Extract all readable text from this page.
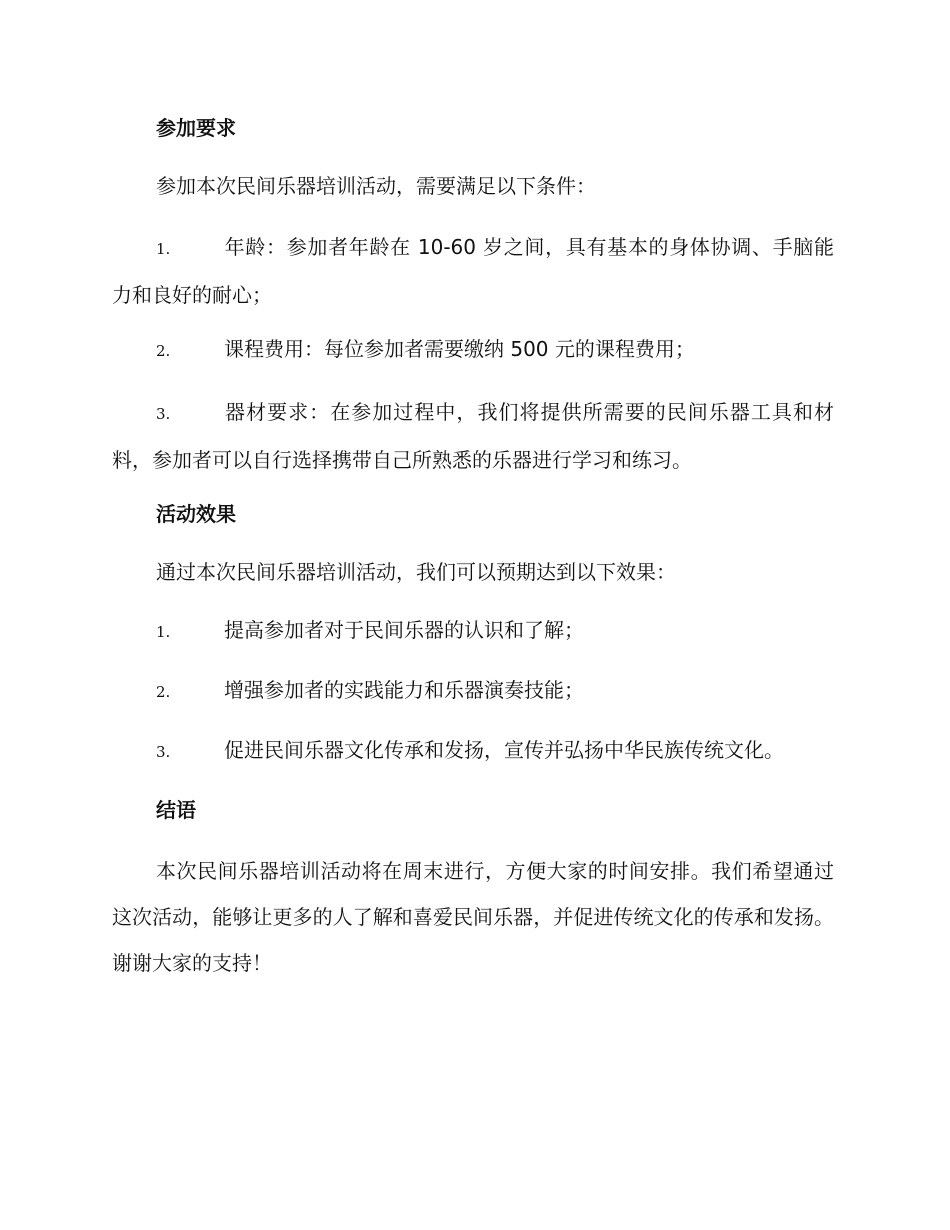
参加要求
参加本次民间乐器培训活动，需要满足以下条件：
1.	年龄：参加者年龄在 10-60 岁之间，具有基本的身体协调、手脑能力和良好的耐心；
2.	课程费用：每位参加者需要缴纳 500 元的课程费用；
3.	器材要求：在参加过程中，我们将提供所需要的民间乐器工具和材料，参加者可以自行选择携带自己所熟悉的乐器进行学习和练习。
活动效果
通过本次民间乐器培训活动，我们可以预期达到以下效果：
1.	提高参加者对于民间乐器的认识和了解；
2.	增强参加者的实践能力和乐器演奏技能；
3.	促进民间乐器文化传承和发扬，宣传并弘扬中华民族传统文化。
结语
本次民间乐器培训活动将在周末进行，方便大家的时间安排。我们希望通过这次活动，能够让更多的人了解和喜爱民间乐器，并促进传统文化的传承和发扬。谢谢大家的支持！
